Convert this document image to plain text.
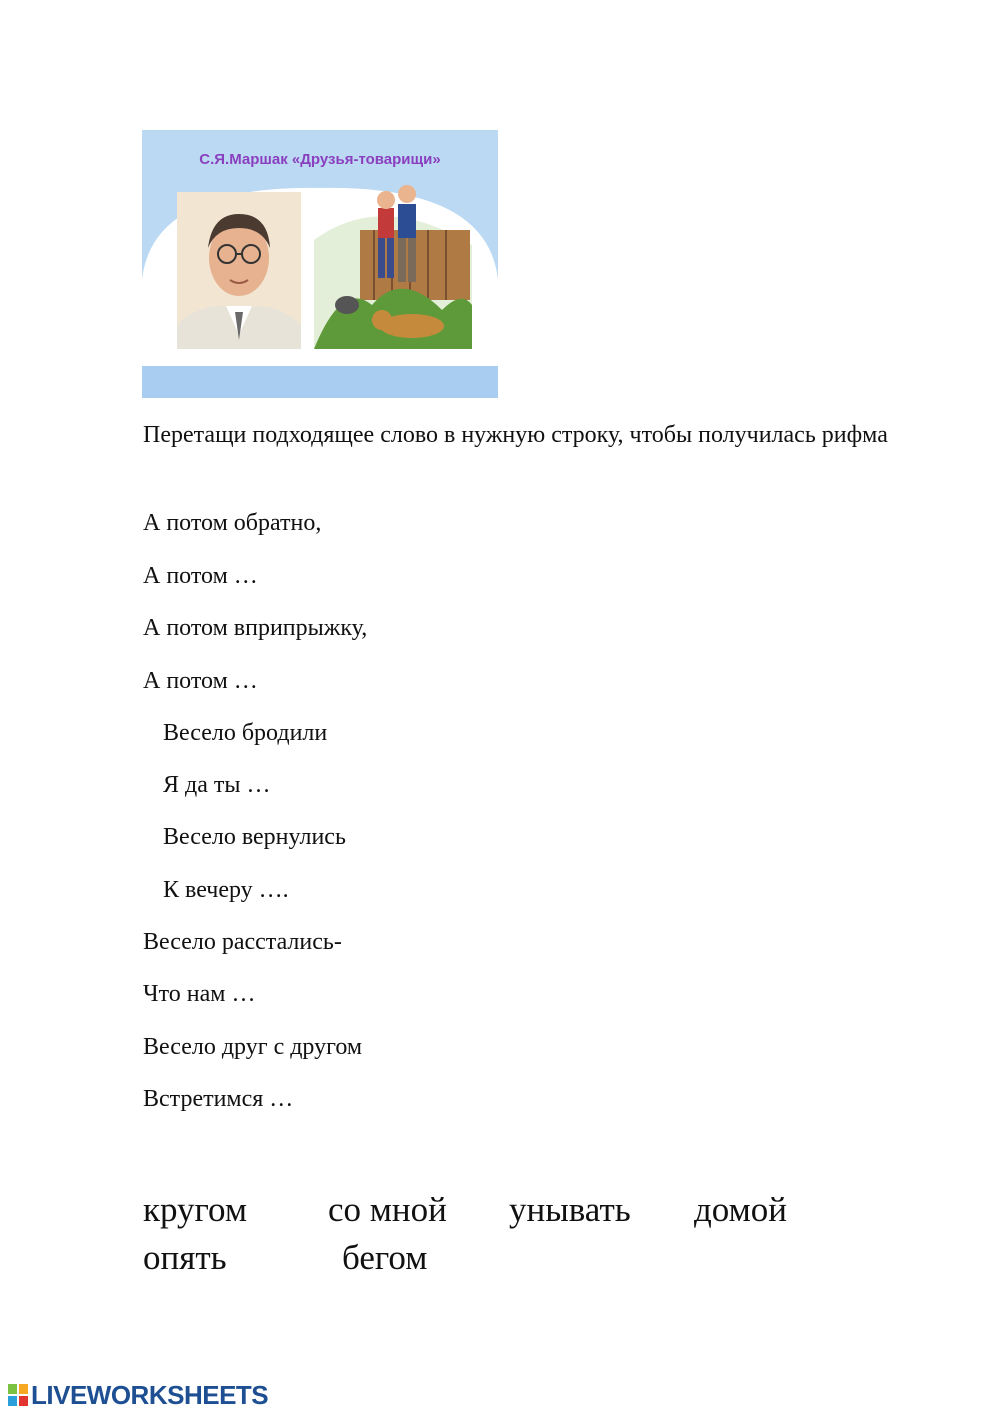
С.Я.Маршак «Друзья-товарищи»
Перетащи подходящее слово в нужную строку, чтобы получилась рифма
А потом обратно,
А потом …
А потом вприпрыжку,
А потом …
Весело бродили
Я да ты …
Весело вернулись
К вечеру ….
Весело расстались-
Что нам …
Весело друг с другом
Встретимся …
кругом со мной унывать домой
опять	бегом
LIVEWORKSHEETS
